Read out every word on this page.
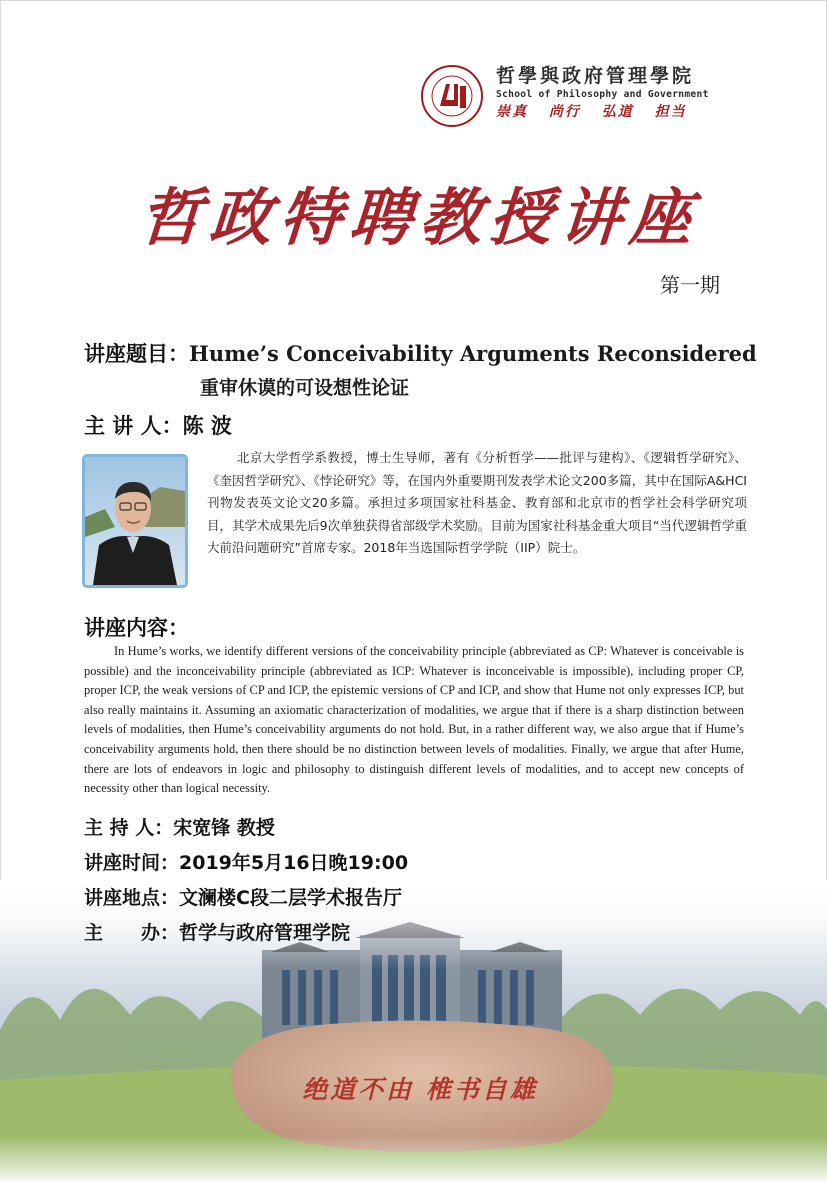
哲學與政府管理學院
School of Philosophy and Government
崇真 尚行 弘道 担当
哲政特聘教授讲座
第一期
讲座题目：Hume’s Conceivability Arguments Reconsidered
重审休谟的可设想性论证
主 讲 人：陈 波
北京大学哲学系教授，博士生导师，著有《分析哲学——批评与建构》、《逻辑哲学研究》、《奎因哲学研究》、《悖论研究》等，在国内外重要期刊发表学术论文200多篇，其中在国际A&HCI刊物发表英文论文20多篇。承担过多项国家社科基金、教育部和北京市的哲学社会科学研究项目，其学术成果先后9次单独获得省部级学术奖励。目前为国家社科基金重大项目“当代逻辑哲学重大前沿问题研究”首席专家。2018年当选国际哲学学院（IIP）院士。
讲座内容：
In Hume’s works, we identify different versions of the conceivability principle (abbreviated as CP: Whatever is conceivable is possible) and the inconceivability principle (abbreviated as ICP: Whatever is inconceivable is impossible), including proper CP, proper ICP, the weak versions of CP and ICP, the epistemic versions of CP and ICP, and show that Hume not only expresses ICP, but also really maintains it. Assuming an axiomatic characterization of modalities, we argue that if there is a sharp distinction between levels of modalities, then Hume’s conceivability arguments do not hold. But, in a rather different way, we also argue that if Hume’s conceivability arguments hold, then there should be no distinction between levels of modalities. Finally, we argue that after Hume, there are lots of endeavors in logic and philosophy to distinguish different levels of modalities, and to accept new concepts of necessity other than logical necessity.
绝道不由 椎书自雄
主 持 人：宋宽锋 教授
讲座时间：2019年5月16日晚19:00
讲座地点：文澜楼C段二层学术报告厅
主　　办：哲学与政府管理学院
